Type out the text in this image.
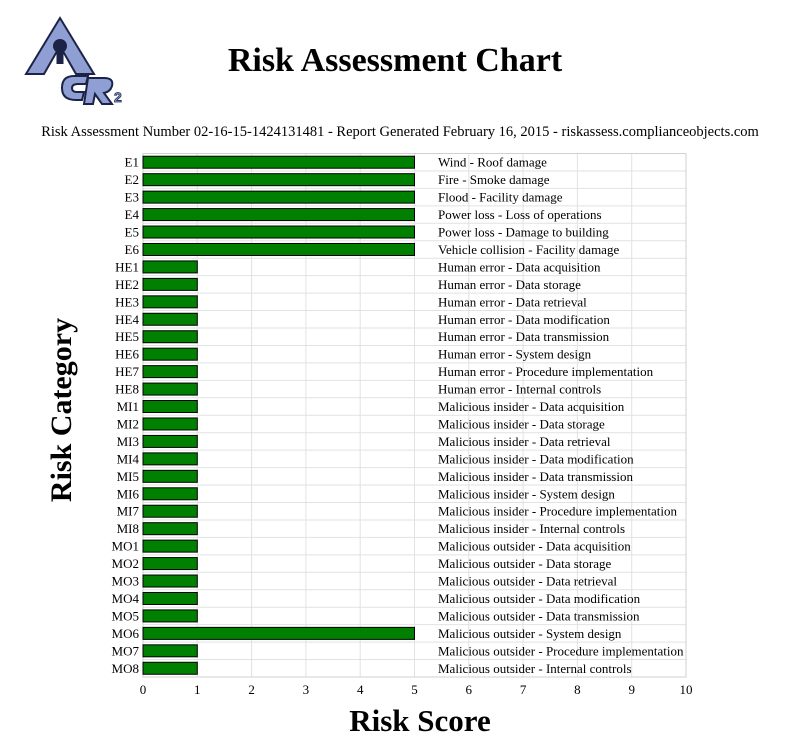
2
Risk Assessment Chart
Risk Assessment Number 02-16-15-1424131481 - Report Generated February 16, 2015 - riskassess.complianceobjects.com
E1	Wind - Roof damage
E2	Fire - Smoke damage
E3	Flood - Facility damage
E4	Power loss - Loss of operations
E5	Power loss - Damage to building
E6	Vehicle collision - Facility damage
HE1	Human error - Data acquisition
HE2	Human error - Data storage
HE3	Human error - Data retrieval
HE4	Human error - Data modification
HE5	Human error - Data transmission
HE6	Human error - System design
HE7	Human error - Procedure implementation
HE8	Human error - Internal controls
MI1	Malicious insider - Data acquisition
MI2	Malicious insider - Data storage
MI3	Malicious insider - Data retrieval
MI4	Malicious insider - Data modification
MI5	Malicious insider - Data transmission
MI6	Malicious insider - System design
MI7	Malicious insider - Procedure implementation
MI8	Malicious insider - Internal controls
MO1	Malicious outsider - Data acquisition
MO2	Malicious outsider - Data storage
MO3	Malicious outsider - Data retrieval
MO4	Malicious outsider - Data modification
MO5	Malicious outsider - Data transmission
MO6	Malicious outsider - System design
MO7	Malicious outsider - Procedure implementation
MO8	Malicious outsider - Internal controls
0	1	2	3	4	5	6	7	8	9	10
Risk Score
Risk Category
